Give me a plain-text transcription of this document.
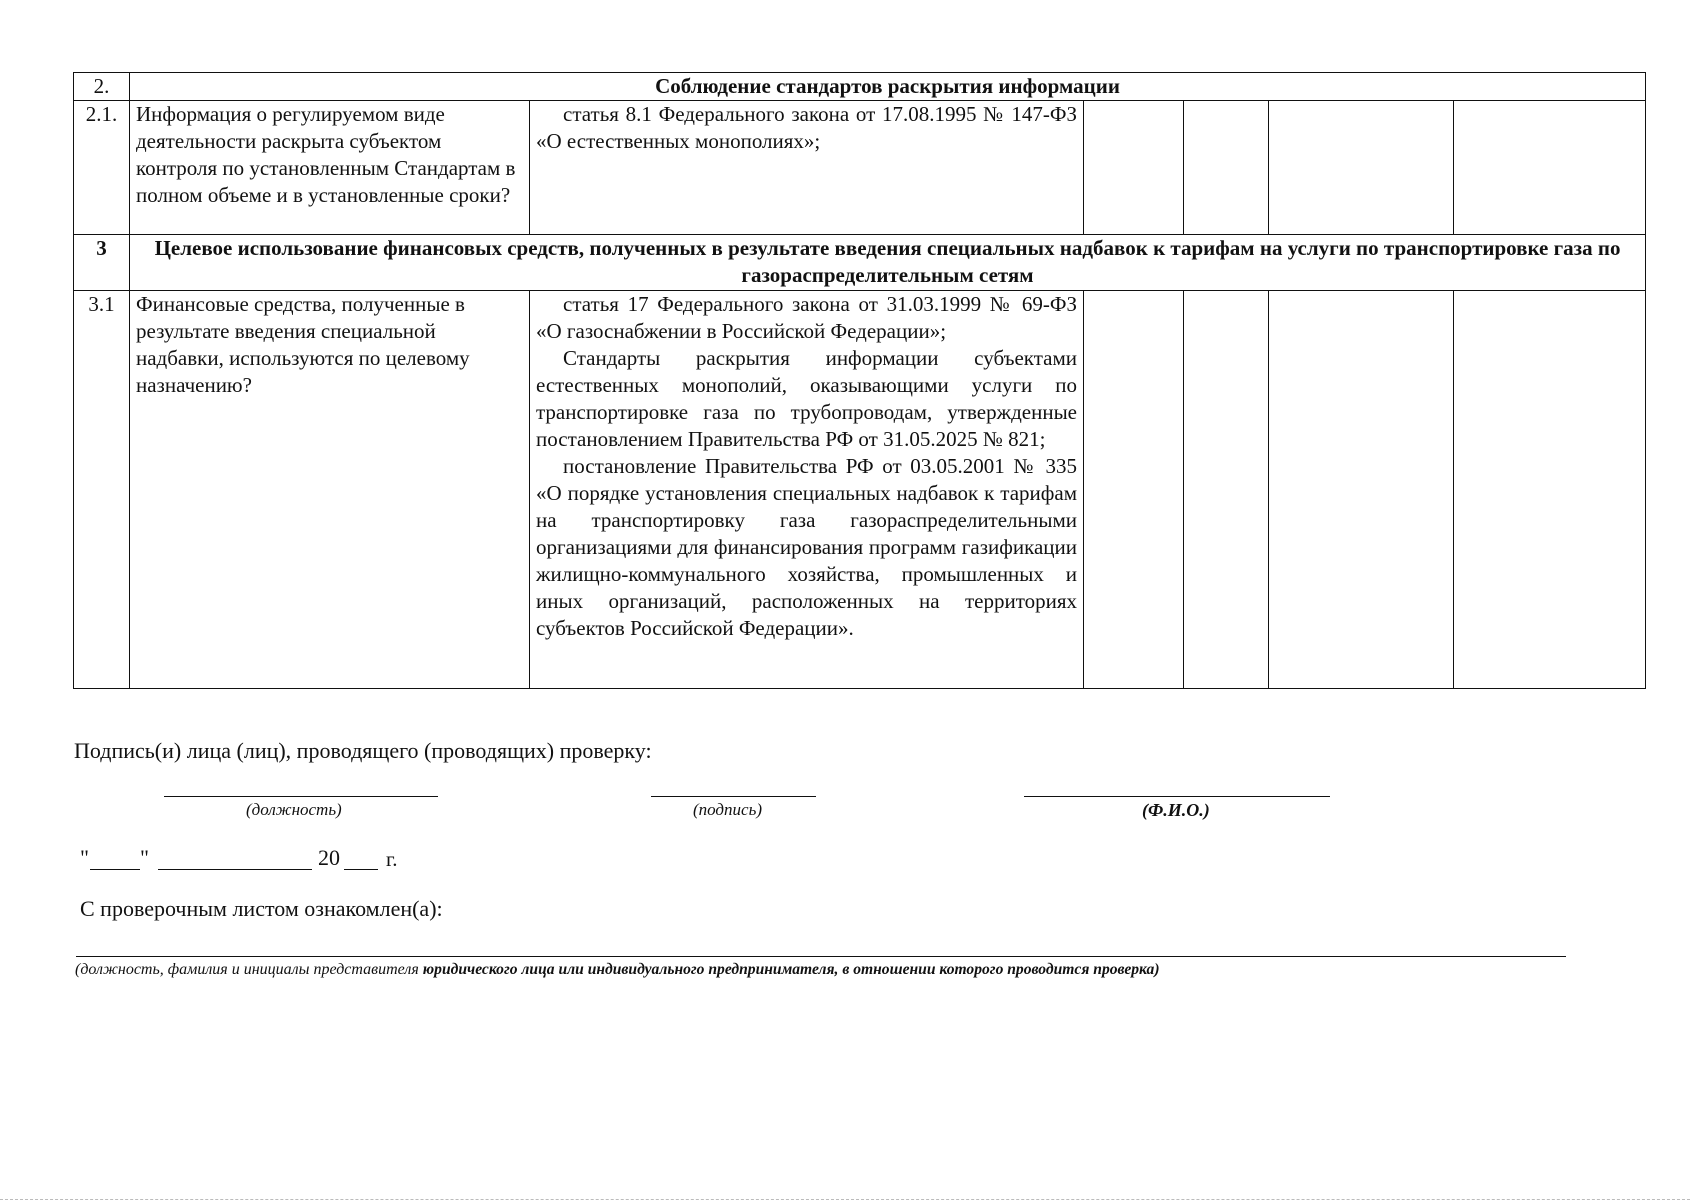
2.	Соблюдение стандартов раскрытия информации					
2.1.	Информация о регулируемом виде деятельности раскрыта субъектом контроля по установленным Стандартам в полном объеме и в установленные сроки?	статья 8.1 Федерального закона от 17.08.1995 № 147-ФЗ «О естественных монополиях»;				

3	Целевое использование финансовых средств, полученных в результате введения специальных надбавок к тарифам на услуги по транспортировке газа по газораспределительным сетям					
3.1	Финансовые средства, полученные в результате введения специальной надбавки, используются по целевому назначению?	статья 17 Федерального закона от 31.03.1999 № 69-ФЗ «О газоснабжении в Российской Федерации»;

Стандарты раскрытия информации субъектами естественных монополий, оказывающими услуги по транспортировке газа по трубопроводам, утвержденные постановлением Правительства РФ от 31.05.2025 № 821;

постановление Правительства РФ от 03.05.2001 № 335 «О порядке установления специальных надбавок к тарифам на транспортировку газа газораспределительными организациями для финансирования программ газификации жилищно-коммунального хозяйства, промышленных и иных организаций, расположенных на территориях субъектов Российской Федерации».				

Подпись(и) лица (лиц), проводящего (проводящих) проверку:
(должность)	(подпись)	(Ф.И.О.)
" "	20 г.
С проверочным листом ознакомлен(а):
(должность, фамилия и инициалы представителя юридического лица или индивидуального предпринимателя, в отношении которого проводится проверка)
